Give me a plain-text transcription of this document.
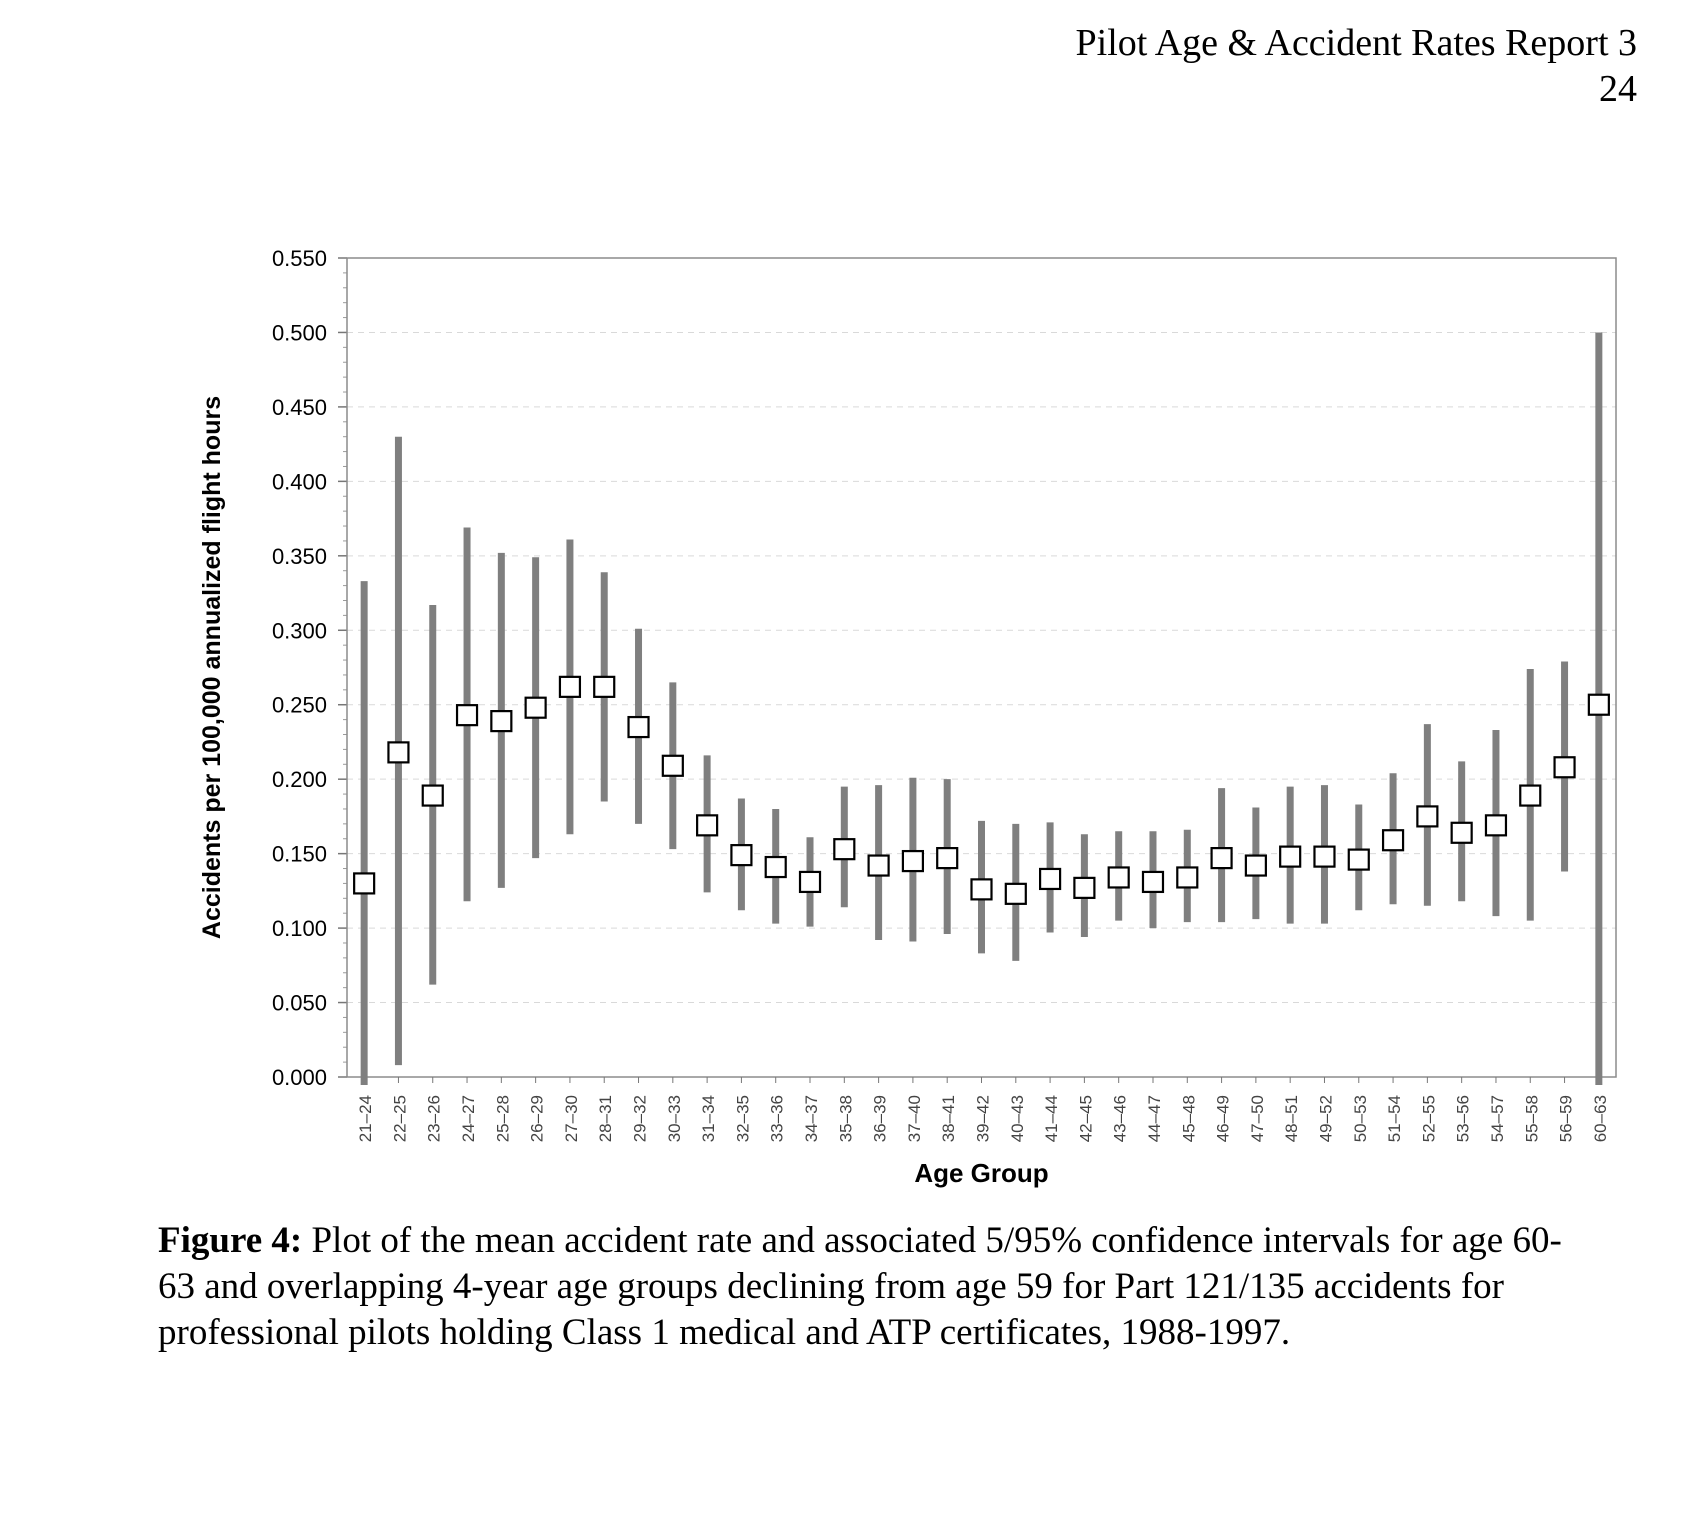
Pilot Age & Accident Rates Report 3
24
0.000
0.050
0.100
0.150
0.200
0.250
0.300
0.350
0.400
0.450
0.500
0.550
21–24 22–25 23–26 24–27 25–28 26–29 27–30 28–31 29–32 30–33 31–34 32–35 33–36 34–37 35–38 36–39 37–40 38–41 39–42 40–43 41–44 42–45 43–46 44–47 45–48 46–49 47–50 48–51 49–52 50–53 51–54 52–55 53–56 54–57 55–58 56–59 60–63
Age Group
Accidents per 100,000 annualized flight hours
Figure 4: Plot of the mean accident rate and associated 5/95% confidence intervals for age 60-63 and overlapping 4-year age groups declining from age 59 for Part 121/135 accidents for professional pilots holding Class 1 medical and ATP certificates, 1988-1997.
